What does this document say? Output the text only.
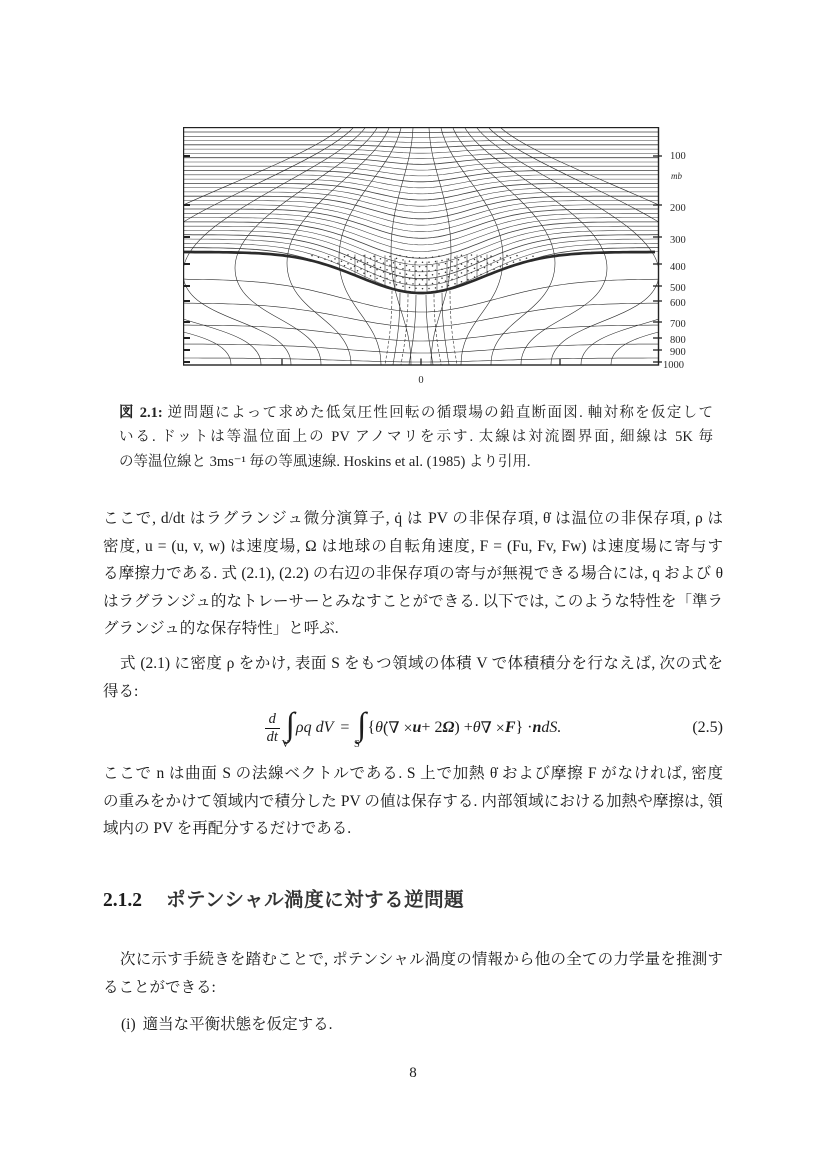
100
mb
200
300
400
500
600
700
800
900
1000
0
図 2.1: 逆問題によって求めた低気圧性回転の循環場の鉛直断面図. 軸対称を仮定して
いる. ドットは等温位面上の PV アノマリを示す. 太線は対流圏界面, 細線は 5K 毎
の等温位線と 3ms⁻¹ 毎の等風速線. Hoskins et al. (1985) より引用.
ここで, d/dt はラグランジュ微分演算子, q̇ は PV の非保存項, θ̇ は温位の非保存項, ρ は
密度, u = (u, v, w) は速度場, Ω は地球の自転角速度, F = (Fu, Fv, Fw) は速度場に寄与す
る摩擦力である. 式 (2.1), (2.2) の右辺の非保存項の寄与が無視できる場合には, q および θ
はラグランジュ的なトレーサーとみなすことができる. 以下では, このような特性を「準ラ
グランジュ的な保存特性」と呼ぶ.
式 (2.1) に密度 ρ をかけ, 表面 S をもつ領域の体積 V で体積積分を行なえば, 次の式を
得る:
$\frac{d}{dt}$ ∫
V
ρq dV = ∫
S
{ θ̇ (∇ × u + 2 Ω ) + θ ∇ × F } · n dS.	(2.5)
ここで n は曲面 S の法線ベクトルである. S 上で加熱 θ̇ および摩擦 F がなければ, 密度
の重みをかけて領域内で積分した PV の値は保存する. 内部領域における加熱や摩擦は, 領
域内の PV を再配分するだけである.
2.1.2 ポテンシャル渦度に対する逆問題
次に示す手続きを踏むことで, ポテンシャル渦度の情報から他の全ての力学量を推測す
ることができる:
(i) 適当な平衡状態を仮定する.
8
